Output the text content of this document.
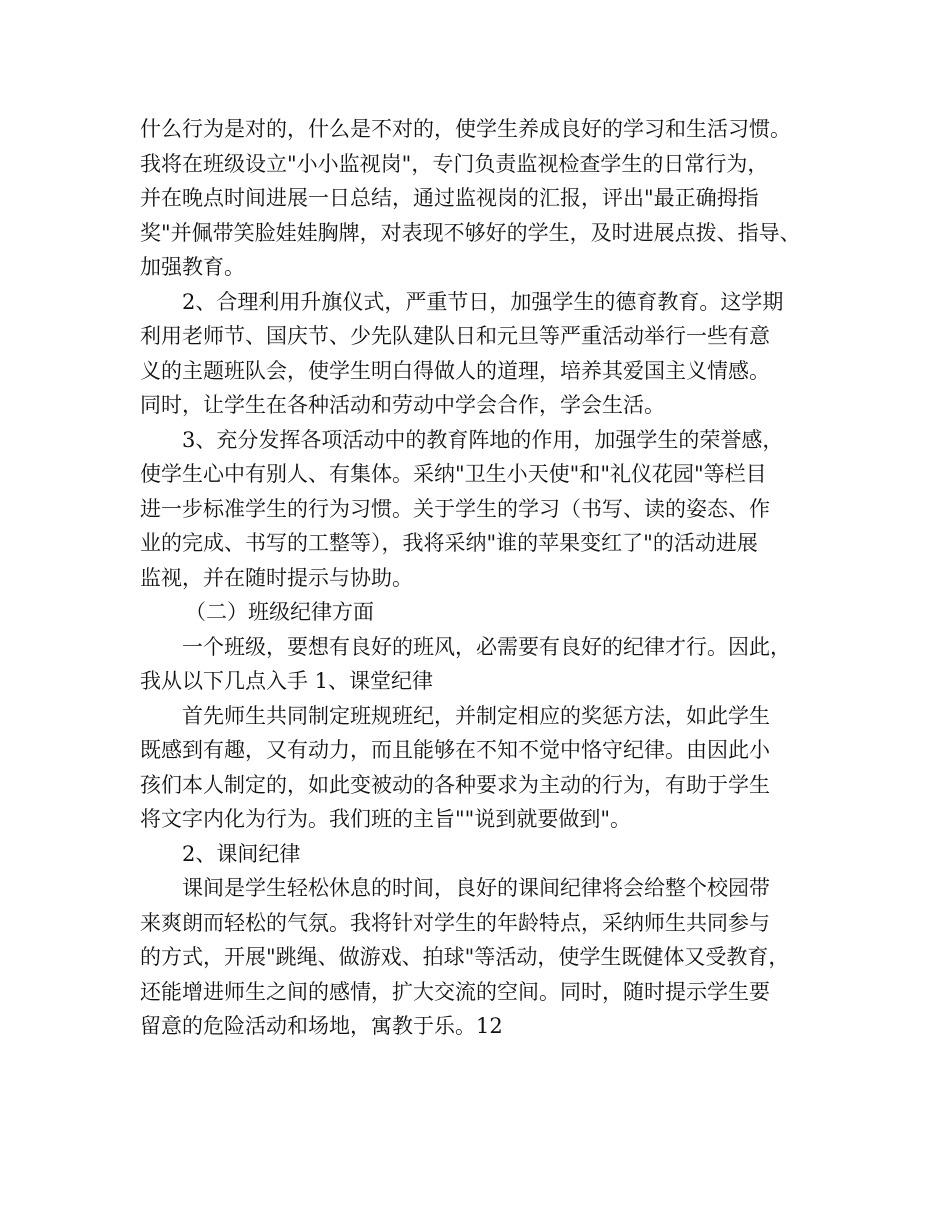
什么行为是对的，什么是不对的，使学生养成良好的学习和生活习惯。
我将在班级设立"小小监视岗"，专门负责监视检查学生的日常行为，
并在晚点时间进展一日总结，通过监视岗的汇报，评出"最正确拇指
奖"并佩带笑脸娃娃胸牌，对表现不够好的学生，及时进展点拨、指导、
加强教育。
2、合理利用升旗仪式，严重节日，加强学生的德育教育。这学期
利用老师节、国庆节、少先队建队日和元旦等严重活动举行一些有意
义的主题班队会，使学生明白得做人的道理，培养其爱国主义情感。
同时，让学生在各种活动和劳动中学会合作，学会生活。
3、充分发挥各项活动中的教育阵地的作用，加强学生的荣誉感，
使学生心中有别人、有集体。采纳"卫生小天使"和"礼仪花园"等栏目
进一步标准学生的行为习惯。关于学生的学习（书写、读的姿态、作
业的完成、书写的工整等），我将采纳"谁的苹果变红了"的活动进展
监视，并在随时提示与协助。
（二）班级纪律方面
一个班级，要想有良好的班风，必需要有良好的纪律才行。因此，
我从以下几点入手 1、课堂纪律
首先师生共同制定班规班纪，并制定相应的奖惩方法，如此学生
既感到有趣，又有动力，而且能够在不知不觉中恪守纪律。由因此小
孩们本人制定的，如此变被动的各种要求为主动的行为，有助于学生
将文字内化为行为。我们班的主旨""说到就要做到"。
2、课间纪律
课间是学生轻松休息的时间，良好的课间纪律将会给整个校园带
来爽朗而轻松的气氛。我将针对学生的年龄特点，采纳师生共同参与
的方式，开展"跳绳、做游戏、拍球"等活动，使学生既健体又受教育，
还能增进师生之间的感情，扩大交流的空间。同时，随时提示学生要
留意的危险活动和场地，寓教于乐。12
